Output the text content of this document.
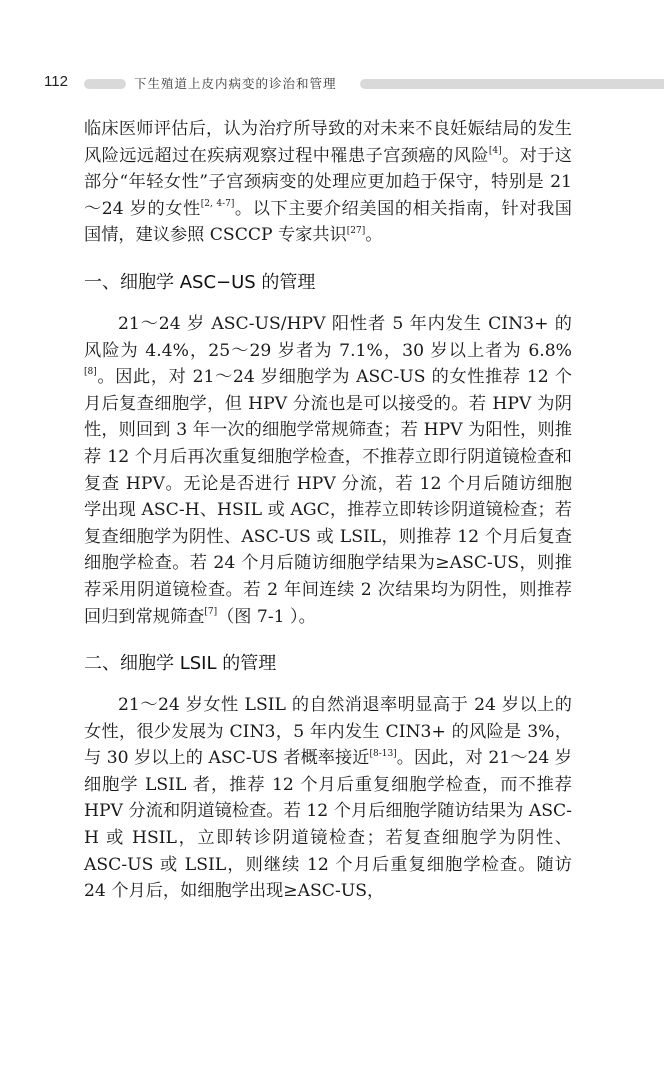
112	下生殖道上皮内病变的诊治和管理

临床医师评估后，认为治疗所导致的对未来不良妊娠结局的发生风险远远超过在疾病观察过程中罹患子宫颈癌的风险[4]。对于这部分“年轻女性”子宫颈病变的处理应更加趋于保守，特别是 21～24 岁的女性[2, 4-7]。以下主要介绍美国的相关指南，针对我国国情，建议参照 CSCCP 专家共识[27]。

一、细胞学 ASC−US 的管理

21～24 岁 ASC-US/HPV 阳性者 5 年内发生 CIN3+ 的风险为 4.4%，25～29 岁者为 7.1%，30 岁以上者为 6.8%[8]。因此，对 21～24 岁细胞学为 ASC-US 的女性推荐 12 个月后复查细胞学，但 HPV 分流也是可以接受的。若 HPV 为阴性，则回到 3 年一次的细胞学常规筛查；若 HPV 为阳性，则推荐 12 个月后再次重复细胞学检查，不推荐立即行阴道镜检查和复查 HPV。无论是否进行 HPV 分流，若 12 个月后随访细胞学出现 ASC-H、HSIL 或 AGC，推荐立即转诊阴道镜检查；若复查细胞学为阴性、ASC-US 或 LSIL，则推荐 12 个月后复查细胞学检查。若 24 个月后随访细胞学结果为≥ASC-US，则推荐采用阴道镜检查。若 2 年间连续 2 次结果均为阴性，则推荐回归到常规筛查[7]（图 7-1 ）。

二、细胞学 LSIL 的管理

21～24 岁女性 LSIL 的自然消退率明显高于 24 岁以上的女性，很少发展为 CIN3，5 年内发生 CIN3+ 的风险是 3%，与 30 岁以上的 ASC-US 者概率接近[8-13]。因此，对 21～24 岁细胞学 LSIL 者，推荐 12 个月后重复细胞学检查，而不推荐 HPV 分流和阴道镜检查。若 12 个月后细胞学随访结果为 ASC-H 或 HSIL，立即转诊阴道镜检查；若复查细胞学为阴性、ASC-US 或 LSIL，则继续 12 个月后重复细胞学检查。随访 24 个月后，如细胞学出现≥ASC-US，
